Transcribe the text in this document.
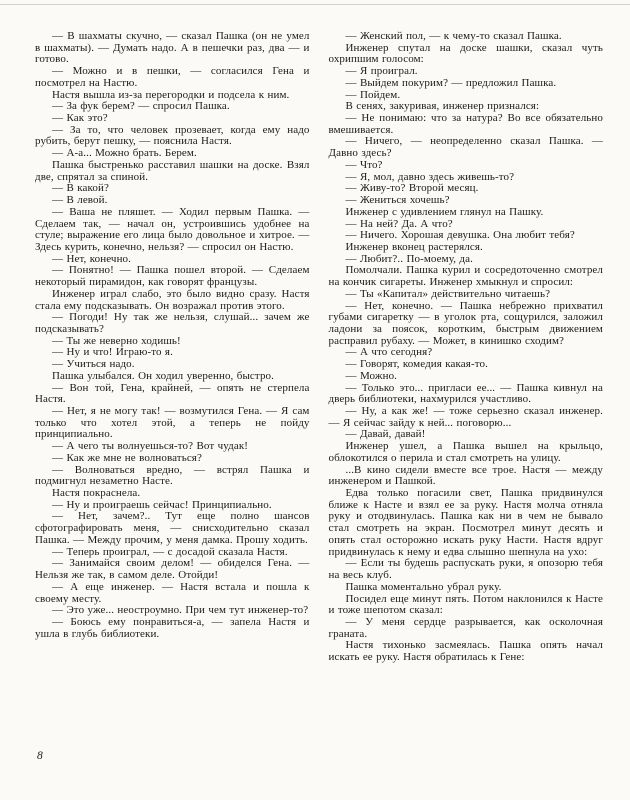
— В шахматы скучно, — сказал Пашка (он не умел в шахматы). — Думать надо. А в пешечки раз, два — и готово.

— Можно и в пешки, — согласился Гена и посмотрел на Настю.

Настя вышла из-за перегородки и подсела к ним.

— За фук берем? — спросил Пашка.

— Как это?

— За то, что человек прозевает, когда ему надо рубить, берут пешку, — пояснила Настя.

— А-а... Можно брать. Берем.

Пашка быстренько расставил шашки на доске. Взял две, спрятал за спиной.

— В какой?

— В левой.

— Ваша не пляшет. — Ходил первым Пашка. — Сделаем так, — начал он, устроившись удобнее на стуле; выражение его лица было довольное и хитрое. — Здесь курить, конечно, нельзя? — спросил он Настю.

— Нет, конечно.

— Понятно! — Пашка пошел второй. — Сделаем некоторый пирамидон, как говорят французы.

Инженер играл слабо, это было видно сразу. Настя стала ему подсказывать. Он возражал против этого.

— Погоди! Ну так же нельзя, слушай... зачем же подсказывать?

— Ты же неверно ходишь!

— Ну и что! Играю-то я.

— Учиться надо.

Пашка улыбался. Он ходил уверенно, быстро.

— Вон той, Гена, крайней, — опять не стерпела Настя.

— Нет, я не могу так! — возмутился Гена. — Я сам только что хотел этой, а теперь не пойду принципиально.

— А чего ты волнуешься-то? Вот чудак!

— Как же мне не волноваться?

— Волноваться вредно, — встрял Пашка и подмигнул незаметно Насте.

Настя покраснела.

— Ну и проиграешь сейчас! Принципиально.

— Нет, зачем?.. Тут еще полно шансов сфотографировать меня, — снисходительно сказал Пашка. — Между прочим, у меня дамка. Прошу ходить.

— Теперь проиграл, — с досадой сказала Настя.

— Занимайся своим делом! — обиделся Гена. — Нельзя же так, в самом деле. Отойди!

— А еще инженер. — Настя встала и пошла к своему месту.

— Это уже... неостроумно. При чем тут инженер-то?

— Боюсь ему понравиться-а, — запела Настя и ушла в глубь библиотеки.

— Женский пол, — к чему-то сказал Пашка.

Инженер спутал на доске шашки, сказал чуть охрипшим голосом:

— Я проиграл.

— Выйдем покурим? — предложил Пашка.

— Пойдем.

В сенях, закуривая, инженер признался:

— Не понимаю: что за натура? Во все обязательно вмешивается.

— Ничего, — неопределенно сказал Пашка. — Давно здесь?

— Что?

— Я, мол, давно здесь живешь-то?

— Живу-то? Второй месяц.

— Жениться хочешь?

Инженер с удивлением глянул на Пашку.

— На ней? Да. А что?

— Ничего. Хорошая девушка. Она любит тебя?

Инженер вконец растерялся.

— Любит?.. По-моему, да.

Помолчали. Пашка курил и сосредоточенно смотрел на кончик сигареты. Инженер хмыкнул и спросил:

— Ты «Капитал» действительно читаешь?

— Нет, конечно. — Пашка небрежно прихватил губами сигаретку — в уголок рта, сощурился, заложил ладони за поясок, коротким, быстрым движением расправил рубаху. — Может, в кинишко сходим?

— А что сегодня?

— Говорят, комедия какая-то.

— Можно.

— Только это... пригласи ее... — Пашка кивнул на дверь библиотеки, нахмурился участливо.

— Ну, а как же! — тоже серьезно сказал инженер. — Я сейчас зайду к ней... поговорю...

— Давай, давай!

Инженер ушел, а Пашка вышел на крыльцо, облокотился о перила и стал смотреть на улицу.

...В кино сидели вместе все трое. Настя — между инженером и Пашкой.

Едва только погасили свет, Пашка придвинулся ближе к Насте и взял ее за руку. Настя молча отняла руку и отодвинулась. Пашка как ни в чем не бывало стал смотреть на экран. Посмотрел минут десять и опять стал осторожно искать руку Насти. Настя вдруг придвинулась к нему и едва слышно шепнула на ухо:

— Если ты будешь распускать руки, я опозорю тебя на весь клуб.

Пашка моментально убрал руку.

Посидел еще минут пять. Потом наклонился к Насте и тоже шепотом сказал:

— У меня сердце разрывается, как осколочная граната.

Настя тихонько засмеялась. Пашка опять начал искать ее руку. Настя обратилась к Гене:

8
